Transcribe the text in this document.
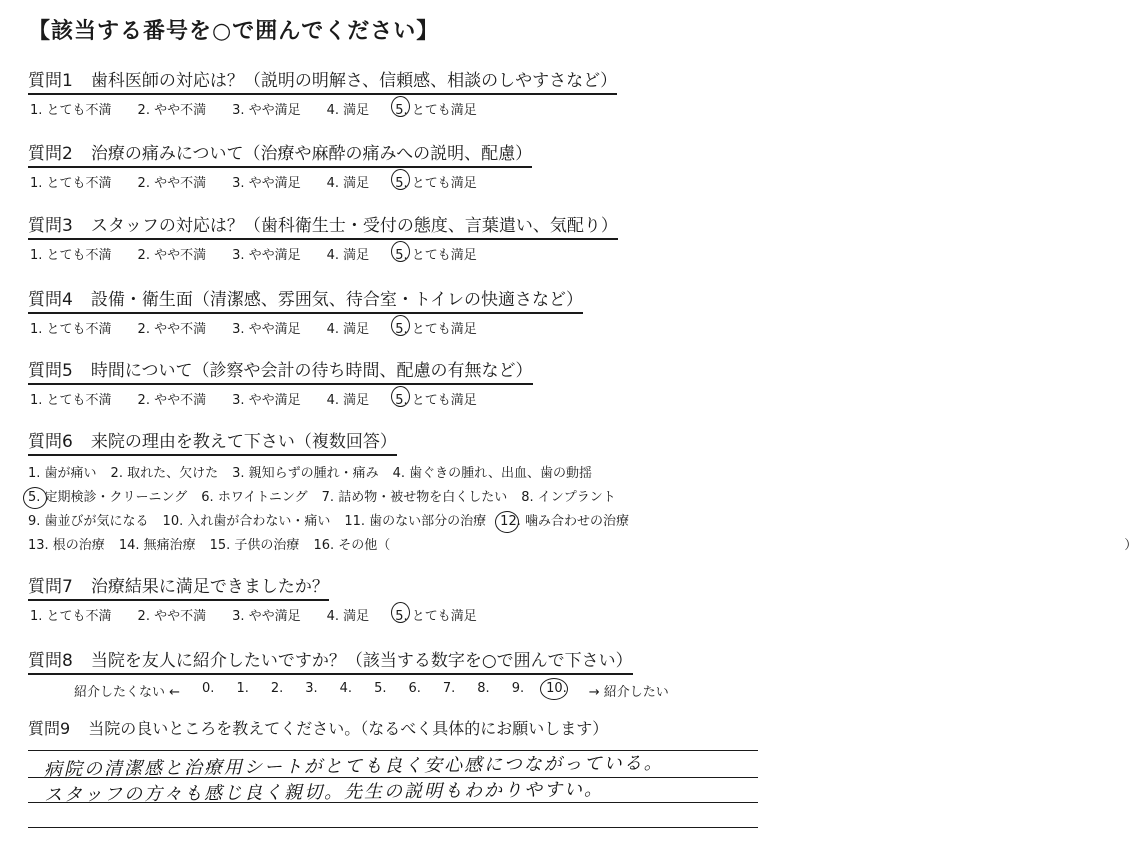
【該当する番号を○で囲んでください】
質問1 歯科医師の対応は？（説明の明解さ、信頼感、相談のしやすさなど）
1. とても不満 2. やや不満 3. やや満足 4. 満足 5. とても満足
質問2 治療の痛みについて（治療や麻酔の痛みへの説明、配慮）
1. とても不満 2. やや不満 3. やや満足 4. 満足 5. とても満足
質問3 スタッフの対応は？（歯科衛生士・受付の態度、言葉遣い、気配り）
1. とても不満 2. やや不満 3. やや満足 4. 満足 5. とても満足
質問4 設備・衛生面（清潔感、雰囲気、待合室・トイレの快適さなど）
1. とても不満 2. やや不満 3. やや満足 4. 満足 5. とても満足
質問5 時間について（診察や会計の待ち時間、配慮の有無など）
1. とても不満 2. やや不満 3. やや満足 4. 満足 5. とても満足
質問6 来院の理由を教えて下さい（複数回答）
1. 歯が痛い 2. 取れた、欠けた 3. 親知らずの腫れ・痛み 4. 歯ぐきの腫れ、出血、歯の動揺
5. 定期検診・クリーニング 6. ホワイトニング 7. 詰め物・被せ物を白くしたい 8. インプラント
9. 歯並びが気になる 10. 入れ歯が合わない・痛い 11. 歯のない部分の治療 12. 噛み合わせの治療
13. 根の治療 14. 無痛治療 15. 子供の治療 16. その他（	）
質問7 治療結果に満足できましたか？
1. とても不満 2. やや不満 3. やや満足 4. 満足 5. とても満足
質問8 当院を友人に紹介したいですか？（該当する数字を○で囲んで下さい）
紹介したくない ← 0. 1. 2. 3. 4. 5. 6. 7. 8. 9. 10. → 紹介したい
質問9 当院の良いところを教えてください。（なるべく具体的にお願いします）
病院の清潔感と治療用シートがとても良く安心感につながっている。
スタッフの方々も感じ良く親切。先生の説明もわかりやすい。
